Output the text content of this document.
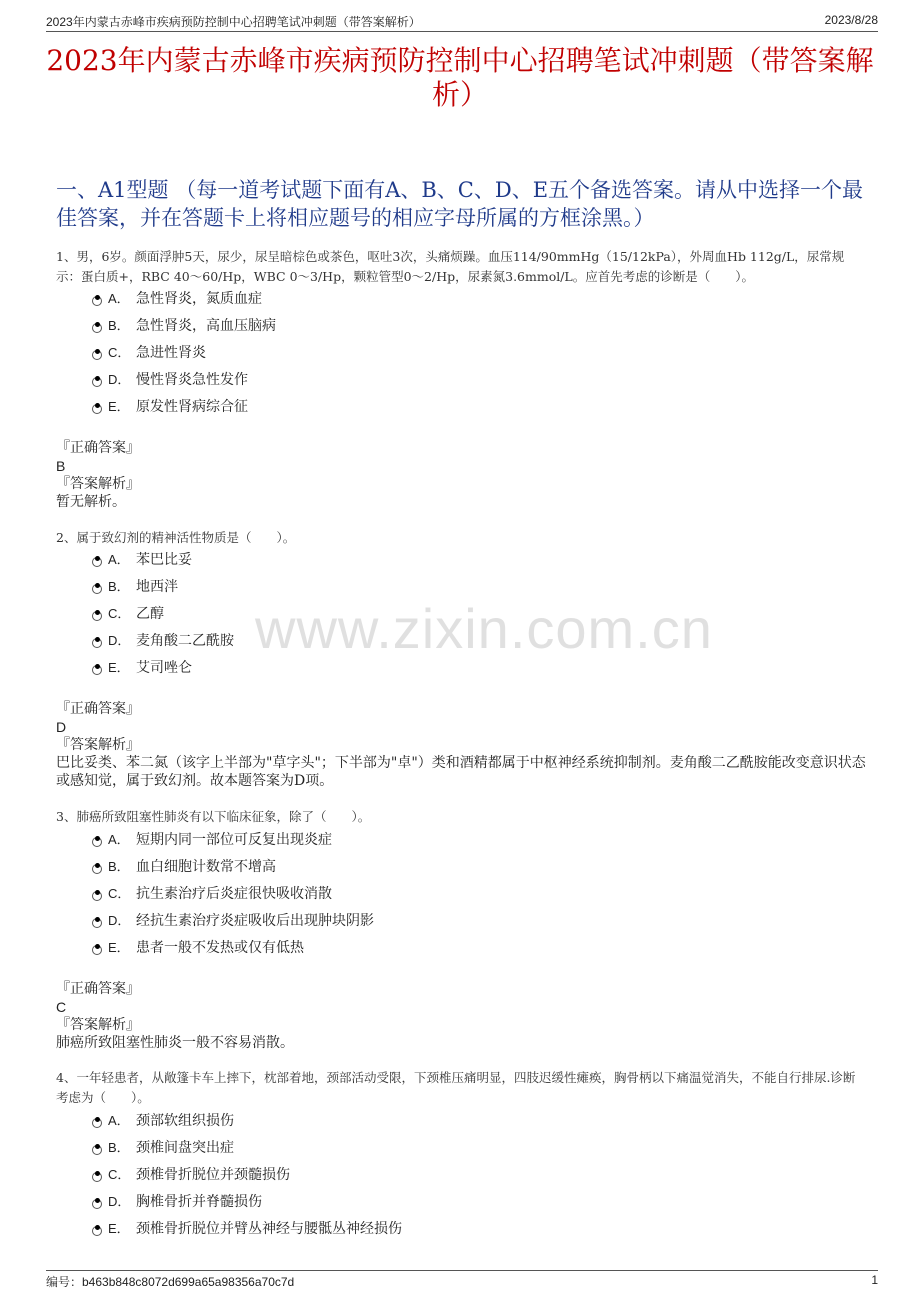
2023年内蒙古赤峰市疾病预防控制中心招聘笔试冲刺题（带答案解析）	2023/8/28
2023年内蒙古赤峰市疾病预防控制中心招聘笔试冲刺题（带答案解析）
一、A1型题 （每一道考试题下面有A、B、C、D、E五个备选答案。请从中选择一个最佳答案，并在答题卡上将相应题号的相应字母所属的方框涂黑。）
www.zixin.com.cn
1、男，6岁。颜面浮肿5天，尿少，尿呈暗棕色或茶色，呕吐3次，头痛烦躁。血压114/90mmHg（15/12kPa），外周血Hb 112g/L，尿常规示：蛋白质+，RBC 40～60/Hp，WBC 0～3/Hp，颗粒管型0～2/Hp，尿素氮3.6mmol/L。应首先考虑的诊断是（　　）。
A． 急性肾炎，氮质血症
B． 急性肾炎，高血压脑病
C． 急进性肾炎
D． 慢性肾炎急性发作
E． 原发性肾病综合征
『正确答案』
B
『答案解析』
暂无解析。
2、属于致幻剂的精神活性物质是（　　）。
A． 苯巴比妥
B． 地西泮
C． 乙醇
D． 麦角酸二乙酰胺
E． 艾司唑仑
『正确答案』
D
『答案解析』
巴比妥类、苯二氮（该字上半部为"草字头"；下半部为"卓"）类和酒精都属于中枢神经系统抑制剂。麦角酸二乙酰胺能改变意识状态或感知觉，属于致幻剂。故本题答案为D项。
3、肺癌所致阻塞性肺炎有以下临床征象，除了（　　）。
A． 短期内同一部位可反复出现炎症
B． 血白细胞计数常不增高
C． 抗生素治疗后炎症很快吸收消散
D． 经抗生素治疗炎症吸收后出现肿块阴影
E． 患者一般不发热或仅有低热
『正确答案』
C
『答案解析』
肺癌所致阻塞性肺炎一般不容易消散。
4、一年轻患者，从敞篷卡车上摔下，枕部着地，颈部活动受限，下颈椎压痛明显，四肢迟缓性瘫痪，胸骨柄以下痛温觉消失，不能自行排尿.诊断考虑为（　　）。
A． 颈部软组织损伤
B． 颈椎间盘突出症
C． 颈椎骨折脱位并颈髓损伤
D． 胸椎骨折并脊髓损伤
E． 颈椎骨折脱位并臂丛神经与腰骶丛神经损伤
编号：b463b848c8072d699a65a98356a70c7d	1
